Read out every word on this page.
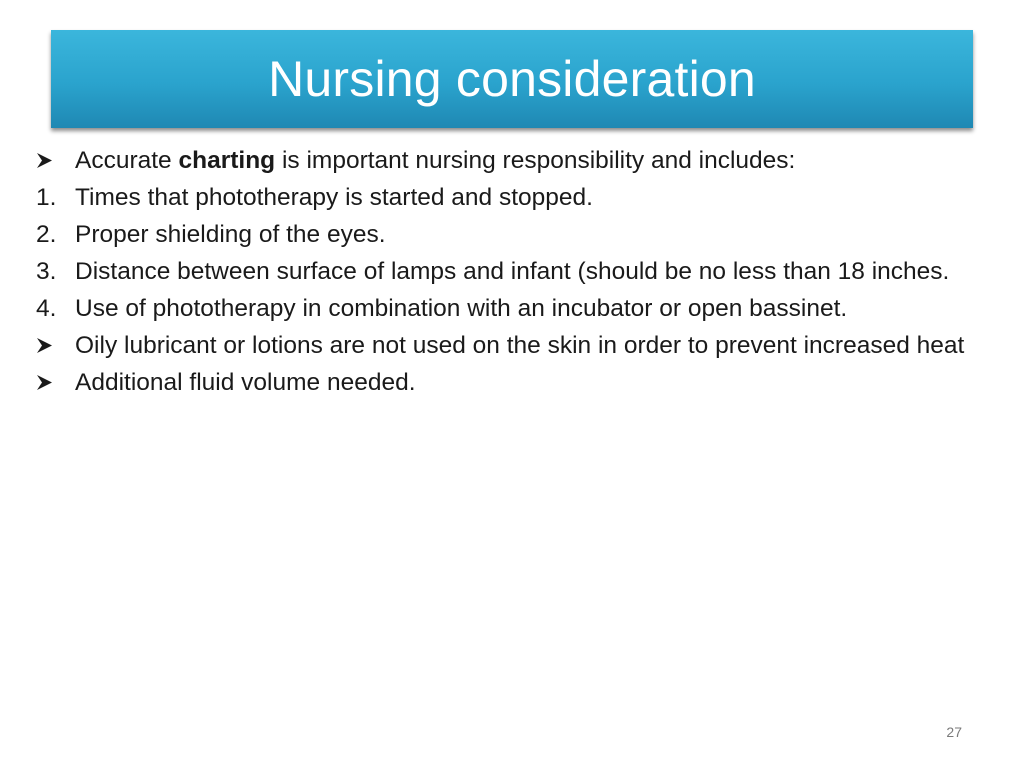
Nursing consideration
Accurate charting is important nursing responsibility and includes:
1. Times that phototherapy is started and stopped.
2. Proper shielding of the eyes.
3. Distance between surface of lamps and infant (should be no less than 18 inches.
4. Use of phototherapy in combination with an incubator or open bassinet.
Oily lubricant or lotions are not used on the skin in order to prevent increased heat
Additional fluid volume needed.
27
